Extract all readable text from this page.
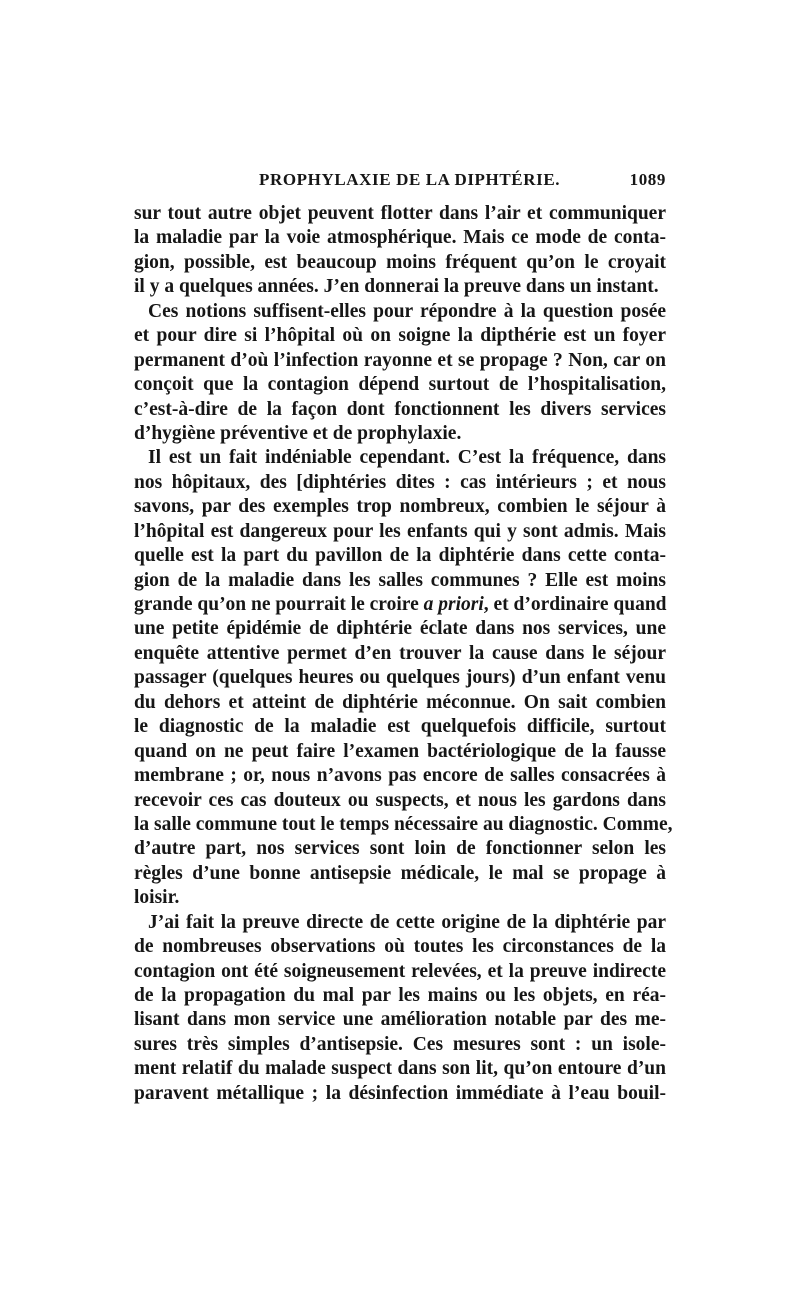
PROPHYLAXIE DE LA DIPHTÉRIE.	1089
sur tout autre objet peuvent flotter dans l’air et communiquer
la maladie par la voie atmosphérique. Mais ce mode de conta-
gion, possible, est beaucoup moins fréquent qu’on le croyait
il y a quelques années. J’en donnerai la preuve dans un instant.
Ces notions suffisent-elles pour répondre à la question posée
et pour dire si l’hôpital où on soigne la dipthérie est un foyer
permanent d’où l’infection rayonne et se propage ? Non, car on
conçoit que la contagion dépend surtout de l’hospitalisation,
c’est-à-dire de la façon dont fonctionnent les divers services
d’hygiène préventive et de prophylaxie.
Il est un fait indéniable cependant. C’est la fréquence, dans
nos hôpitaux, des [diphtéries dites : cas intérieurs ; et nous
savons, par des exemples trop nombreux, combien le séjour à
l’hôpital est dangereux pour les enfants qui y sont admis. Mais
quelle est la part du pavillon de la diphtérie dans cette conta-
gion de la maladie dans les salles communes ? Elle est moins
grande qu’on ne pourrait le croire a priori, et d’ordinaire quand
une petite épidémie de diphtérie éclate dans nos services, une
enquête attentive permet d’en trouver la cause dans le séjour
passager (quelques heures ou quelques jours) d’un enfant venu
du dehors et atteint de diphtérie méconnue. On sait combien
le diagnostic de la maladie est quelquefois difficile, surtout
quand on ne peut faire l’examen bactériologique de la fausse
membrane ; or, nous n’avons pas encore de salles consacrées à
recevoir ces cas douteux ou suspects, et nous les gardons dans
la salle commune tout le temps nécessaire au diagnostic. Comme,
d’autre part, nos services sont loin de fonctionner selon les
règles d’une bonne antisepsie médicale, le mal se propage à
loisir.
J’ai fait la preuve directe de cette origine de la diphtérie par
de nombreuses observations où toutes les circonstances de la
contagion ont été soigneusement relevées, et la preuve indirecte
de la propagation du mal par les mains ou les objets, en réa-
lisant dans mon service une amélioration notable par des me-
sures très simples d’antisepsie. Ces mesures sont : un isole-
ment relatif du malade suspect dans son lit, qu’on entoure d’un
paravent métallique ; la désinfection immédiate à l’eau bouil-
